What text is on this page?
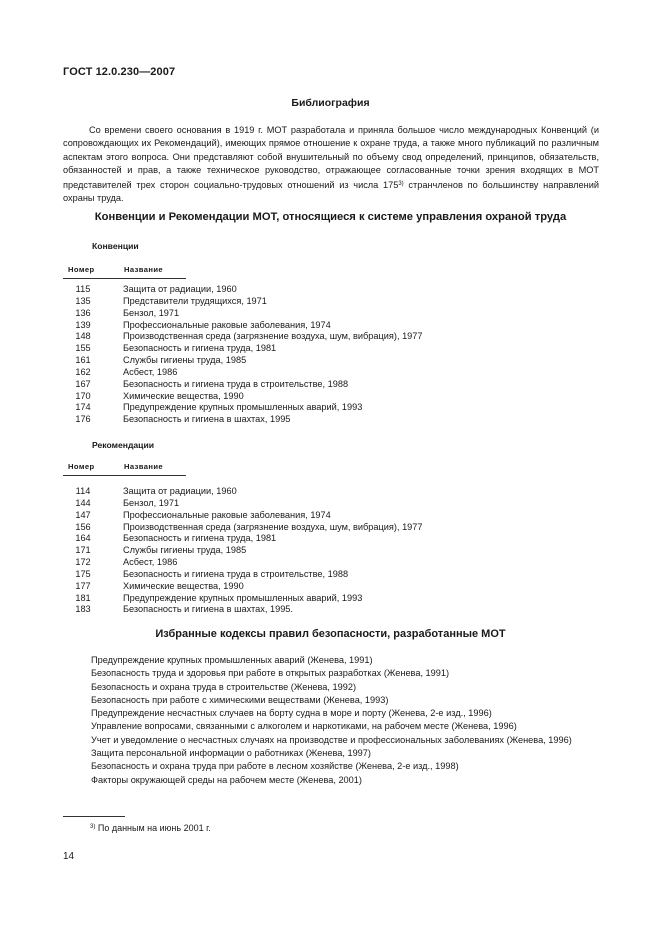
ГОСТ 12.0.230—2007
Библиография

Со времени своего основания в 1919 г. МОТ разработала и приняла большое число международных Конвенций (и сопровождающих их Рекомендаций), имеющих прямое отношение к охране труда, а также много публикаций по различным аспектам этого вопроса. Они представляют собой внушительный по объему свод определений, принципов, обязательств, обязанностей и прав, а также техническое руководство, отражающее согласованные точки зрения входящих в МОТ представителей трех сторон социально-трудовых отношений из числа 175$^{3)}$ странчленов по большинству направлений охраны труда.

Конвенции и Рекомендации МОТ, относящиеся к системе управления охраной труда
Конвенции
Номер	Название
115	Защита от радиации, 1960
135	Представители трудящихся, 1971
136	Бензол, 1971
139	Профессиональные раковые заболевания, 1974
148	Производственная среда (загрязнение воздуха, шум, вибрация), 1977
155	Безопасность и гигиена труда, 1981
161	Службы гигиены труда, 1985
162	Асбест, 1986
167	Безопасность и гигиена труда в строительстве, 1988
170	Химические вещества, 1990
174	Предупреждение крупных промышленных аварий, 1993
176	Безопасность и гигиена в шахтах, 1995
Рекомендации
Номер	Название
114	Защита от радиации, 1960
144	Бензол, 1971
147	Профессиональные раковые заболевания, 1974
156	Производственная среда (загрязнение воздуха, шум, вибрация), 1977
164	Безопасность и гигиена труда, 1981
171	Службы гигиены труда, 1985
172	Асбест, 1986
175	Безопасность и гигиена труда в строительстве, 1988
177	Химические вещества, 1990
181	Предупреждение крупных промышленных аварий, 1993
183	Безопасность и гигиена в шахтах, 1995.
Избранные кодексы правил безопасности, разработанные МОТ

Предупреждение крупных промышленных аварий (Женева, 1991)

Безопасность труда и здоровья при работе в открытых разработках (Женева, 1991)

Безопасность и охрана труда в строительстве (Женева, 1992)

Безопасность при работе с химическими веществами (Женева, 1993)

Предупреждение несчастных случаев на борту судна в море и порту (Женева, 2-е изд., 1996)

Управление вопросами, связанными с алкоголем и наркотиками, на рабочем месте (Женева, 1996)

Учет и уведомление о несчастных случаях на производстве и профессиональных заболеваниях (Женева, 1996)

Защита персональной информации о работниках (Женева, 1997)

Безопасность и охрана труда при работе в лесном хозяйстве (Женева, 2-е изд., 1998)

Факторы окружающей среды на рабочем месте (Женева, 2001)

$^{3)}$ По данным на июнь 2001 г.
14
